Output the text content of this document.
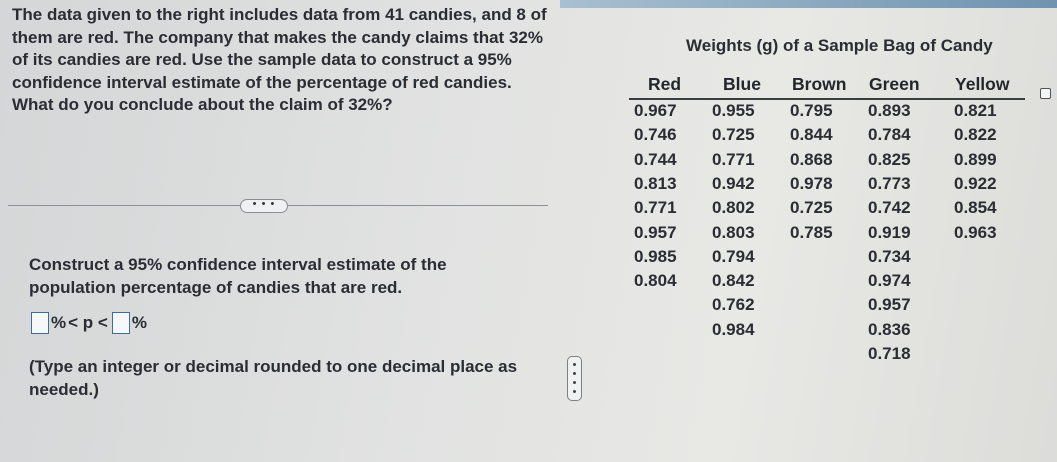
The data given to the right includes data from 41 candies, and 8 of them are red. The company that makes the candy claims that 32% of its candies are red. Use the sample data to construct a 95% confidence interval estimate of the percentage of red candies. What do you conclude about the claim of 32%?

• • •

Construct a 95% confidence interval estimate of the population percentage of candies that are red.

% < p < %

(Type an integer or decimal rounded to one decimal place as needed.)

Weights (g) of a Sample Bag of Candy
Red Blue Brown Green Yellow
0.967
0.746
0.744
0.813
0.771
0.957
0.985
0.804
0.955
0.725
0.771
0.942
0.802
0.803
0.794
0.842
0.762
0.984
0.795
0.844
0.868
0.978
0.725
0.785
0.893
0.784
0.825
0.773
0.742
0.919
0.734
0.974
0.957
0.836
0.718
0.821
0.822
0.899
0.922
0.854
0.963
